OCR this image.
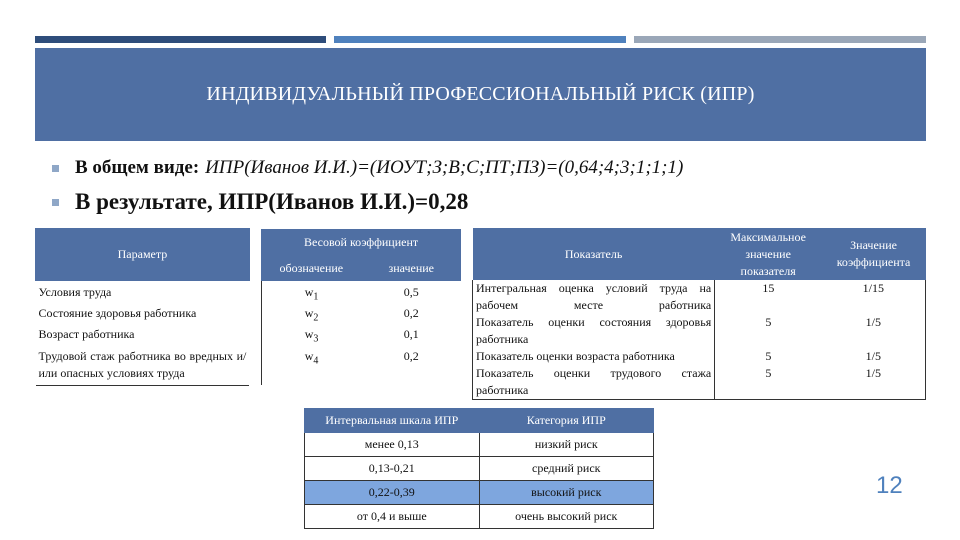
ИНДИВИДУАЛЬНЫЙ ПРОФЕССИОНАЛЬНЫЙ РИСК (ИПР)
В общем виде: ИПР(Иванов И.И.)=(ИОУТ;З;В;С;ПТ;ПЗ)=(0,64;4;3;1;1;1)
В результате, ИПР(Иванов И.И.)=0,28
Параметр		Весовой коэффициент	
		обозначение	значение
Условия труда		$w_1$	0,5
Состояние здоровья работника		$w_2$	0,2
Возраст работника		$w_3$	0,1
Трудовой стаж работника во вредных и/или опасных условиях труда		$w_4$	0,2
Показатель	Максимальное значение показателя	Значение коэффициента
Интегральная оценка условий труда на рабочем месте работника	15	1/15
Показатель оценки состояния здоровья работника	5	1/5
Показатель оценки возраста работника	5	1/5
Показатель оценки трудового стажа работника	5	1/5
Интервальная шкала ИПР	Категория ИПР
менее 0,13	низкий риск
0,13-0,21	средний риск
0,22-0,39	высокий риск
от 0,4 и выше	очень высокий риск
12
